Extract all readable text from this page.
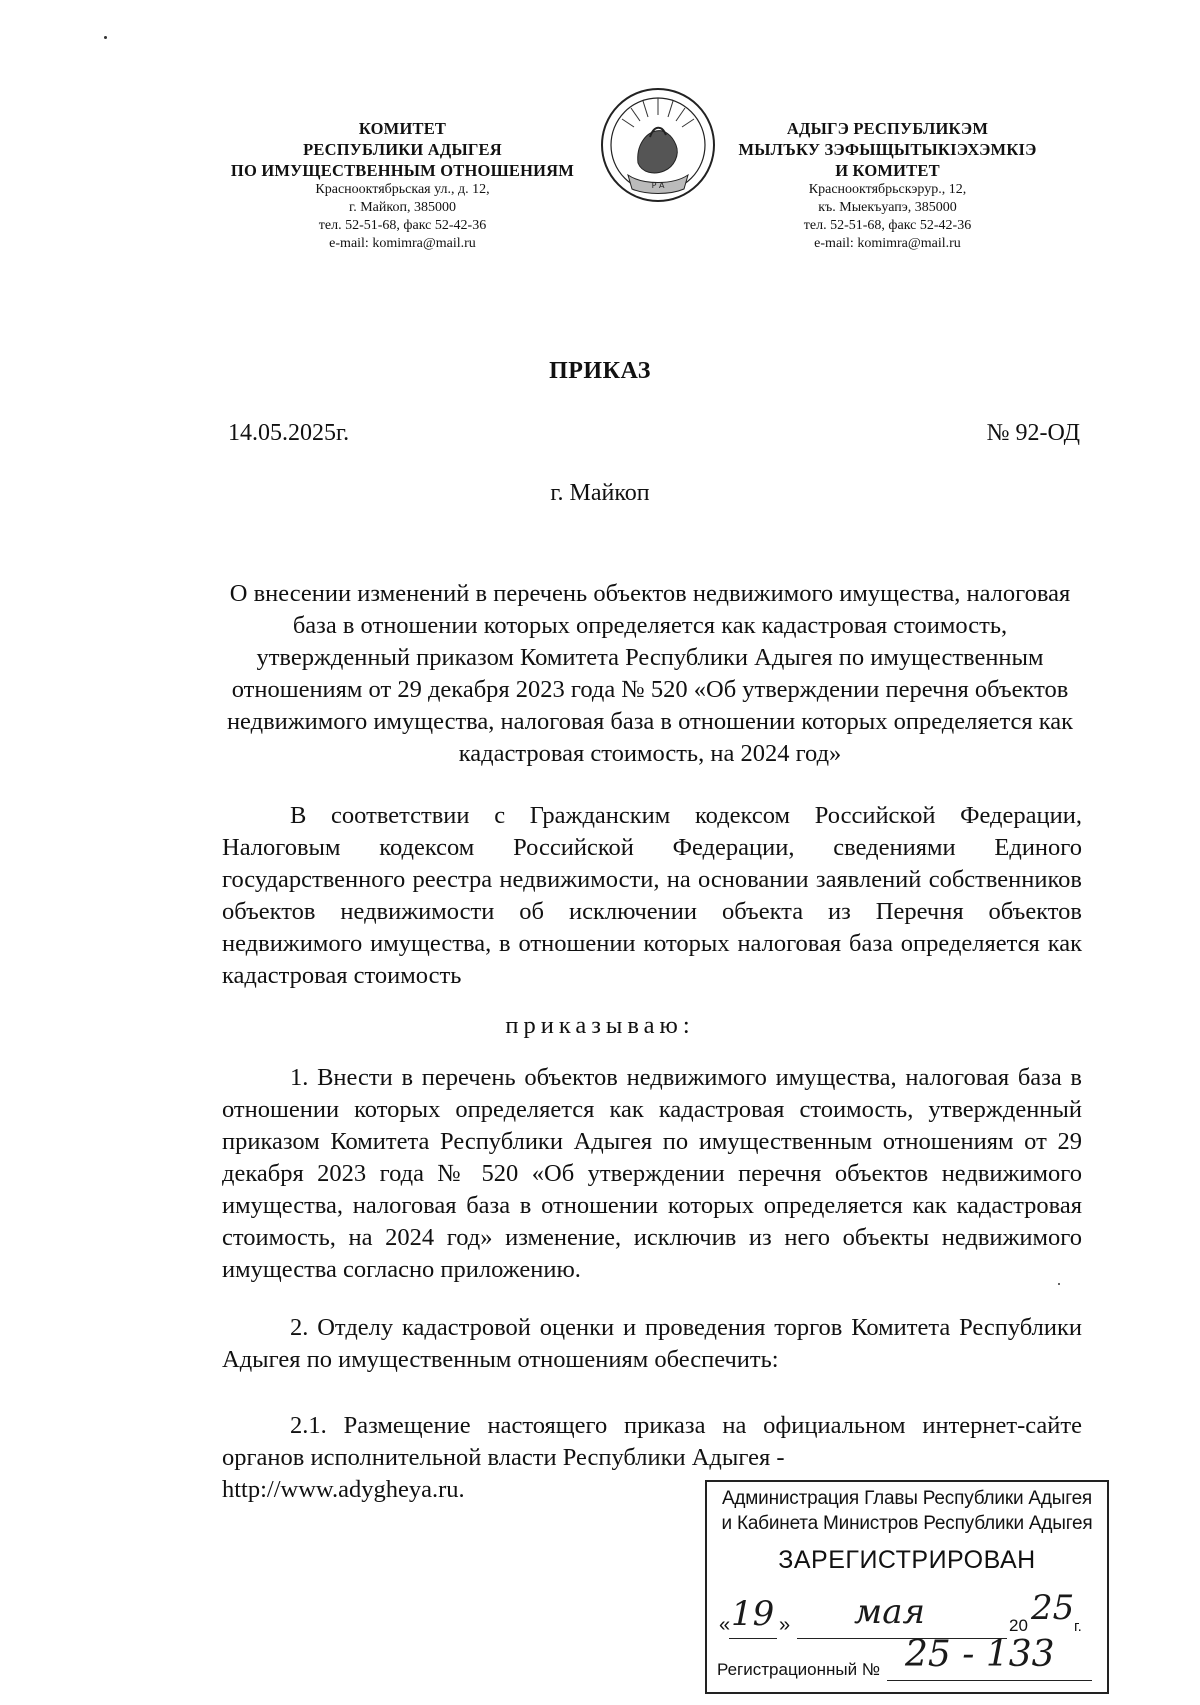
КОМИТЕТ
РЕСПУБЛИКИ АДЫГЕЯ
ПО ИМУЩЕСТВЕННЫМ ОТНОШЕНИЯМ
Краснооктябрьская ул., д. 12,
г. Майкоп, 385000
тел. 52-51-68, факс 52-42-36
e-mail: komimra@mail.ru
Р А
АДЫГЭ РЕСПУБЛИКЭМ
МЫЛЪКУ ЗЭФЫЩЫТЫКIЭХЭМКIЭ
И КОМИТЕТ
Краснооктябрьскэрур., 12,
къ. Мыекъуапэ, 385000
тел. 52-51-68, факс 52-42-36
e-mail: komimra@mail.ru
ПРИКАЗ
14.05.2025г.	№ 92-ОД
г. Майкоп
О внесении изменений в перечень объектов недвижимого имущества, налоговая база в отношении которых определяется как кадастровая стоимость, утвержденный приказом Комитета Республики Адыгея по имущественным отношениям от 29 декабря 2023 года № 520 «Об утверждении перечня объектов недвижимого имущества, налоговая база в отношении которых определяется как кадастровая стоимость, на 2024 год»
В соответствии с Гражданским кодексом Российской Федерации, Налоговым кодексом Российской Федерации, сведениями Единого государственного реестра недвижимости, на основании заявлений собственников объектов недвижимости об исключении объекта из Перечня объектов недвижимого имущества, в отношении которых налоговая база определяется как кадастровая стоимость
приказываю:
1. Внести в перечень объектов недвижимого имущества, налоговая база в отношении которых определяется как кадастровая стоимость, утвержденный приказом Комитета Республики Адыгея по имущественным отношениям от 29 декабря 2023 года № 520 «Об утверждении перечня объектов недвижимого имущества, налоговая база в отношении которых определяется как кадастровая стоимость, на 2024 год» изменение, исключив из него объекты недвижимого имущества согласно приложению.
2. Отделу кадастровой оценки и проведения торгов Комитета Республики Адыгея по имущественным отношениям обеспечить:
2.1. Размещение настоящего приказа на официальном интернет-сайте органов исполнительной власти Республики Адыгея -
http://www.adygheya.ru.	Администрация Главы Республики Адыгея
и Кабинета Министров Республики Адыгея
ЗАРЕГИСТРИРОВАН
« 19 » мая	20 25 г.
Регистрационный № 25 - 133
